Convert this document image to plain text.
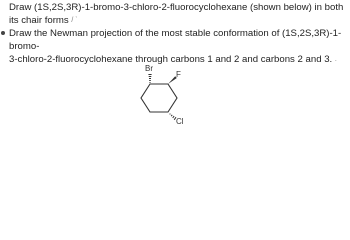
Draw (1S,2S,3R)-1-bromo-3-chloro-2-fluorocyclohexane (shown below) in both its chair forms / `

Draw the Newman projection of the most stable conformation of (1S,2S,3R)-1-bromo-
3-chloro-2-fluorocyclohexane through carbons 1 and 2 and carbons 2 and 3. .

Br
F
Cl
